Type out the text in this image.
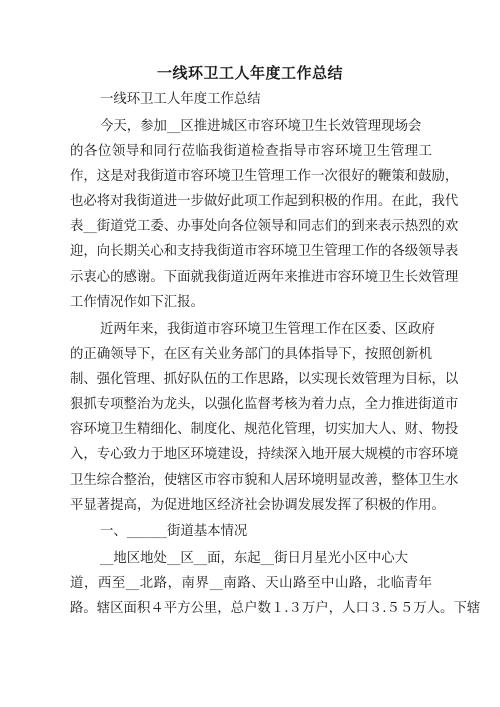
一线环卫工人年度工作总结

一线环卫工人年度工作总结

今天，参加__区推进城区市容环境卫生长效管理现场会
的各位领导和同行莅临我街道检查指导市容环境卫生管理工
作，这是对我街道市容环境卫生管理工作一次很好的鞭策和鼓励，
也必将对我街道进一步做好此项工作起到积极的作用。在此，我代
表__街道党工委、办事处向各位领导和同志们的到来表示热烈的欢
迎，向长期关心和支持我街道市容环境卫生管理工作的各级领导表
示衷心的感谢。下面就我街道近两年来推进市容环境卫生长效管理
工作情况作如下汇报。

近两年来，我街道市容环境卫生管理工作在区委、区政府
的正确领导下，在区有关业务部门的具体指导下，按照创新机
制、强化管理、抓好队伍的工作思路，以实现长效管理为目标，以
狠抓专项整治为龙头，以强化监督考核为着力点，全力推进街道市
容环境卫生精细化、制度化、规范化管理，切实加大人、财、物投
入，专心致力于地区环境建设，持续深入地开展大规模的市容环境
卫生综合整治，使辖区市容市貌和人居环境明显改善，整体卫生水
平显著提高，为促进地区经济社会协调发展发挥了积极的作用。

一、______街道基本情况

__地区地处__区__面，东起__街日月星光小区中心大
道，西至__北路，南界__南路、天山路至中山路，北临青年
路。辖区面积４平方公里，总户数１.３万户，人口３.５５万人。下辖
